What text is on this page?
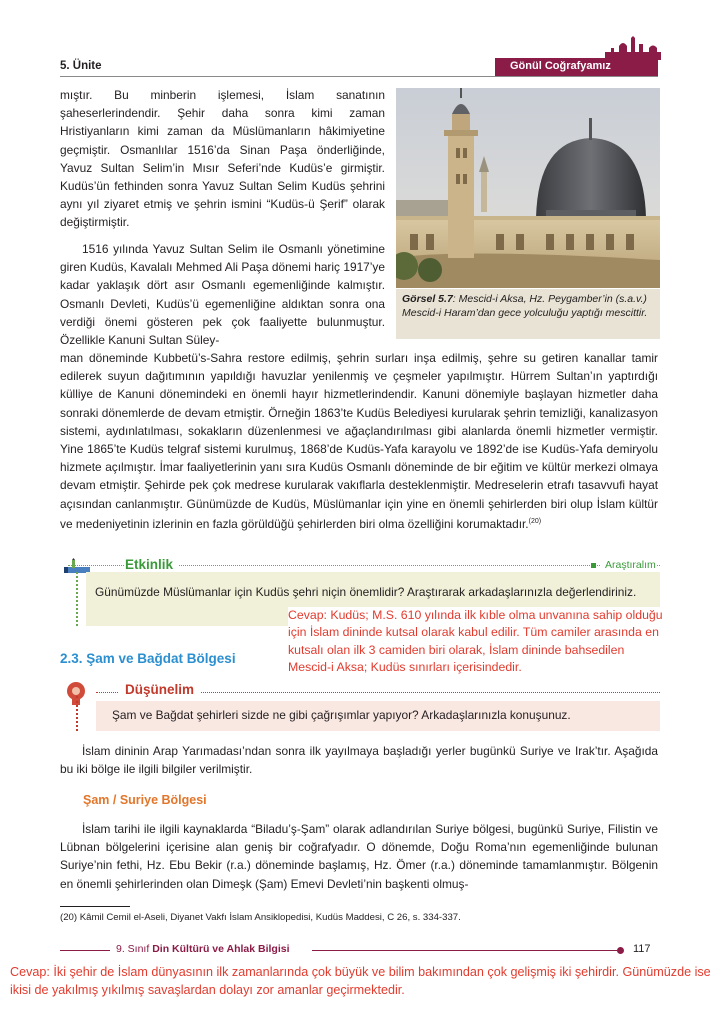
5. Ünite	Gönül Coğrafyamız
mıştır. Bu minberin işlemesi, İslam sanatının şaheserlerindendir. Şehir daha sonra kimi zaman Hristiyanların kimi zaman da Müslümanların hâkimiyetine geçmiştir. Osmanlılar 1516’da Sinan Paşa önderliğinde, Yavuz Sultan Selim’in Mısır Seferi’nde Kudüs’e girmiştir. Kudüs’ün fethinden sonra Yavuz Sultan Selim Kudüs şehrini aynı yıl ziyaret etmiş ve şehrin ismini “Kudüs-ü Şerif” olarak değiştirmiştir.
1516 yılında Yavuz Sultan Selim ile Osmanlı yönetimine giren Kudüs, Kavalalı Mehmed Ali Paşa dönemi hariç 1917’ye kadar yaklaşık dört asır Osmanlı egemenliğinde kalmıştır. Osmanlı Devleti, Kudüs’ü egemenliğine aldıktan sonra ona verdiği önemi gösteren pek çok faaliyette bulunmuştur. Özellikle Kanuni Sultan Süley-
Görsel 5.7: Mescid-i Aksa, Hz. Peygamber’in (s.a.v.) Mescid-i Haram’dan gece yolculuğu yaptığı mescittir.
man döneminde Kubbetü’s-Sahra restore edilmiş, şehrin surları inşa edilmiş, şehre su getiren kanallar tamir edilerek suyun dağıtımının yapıldığı havuzlar yenilenmiş ve çeşmeler yapılmıştır. Hürrem Sultan’ın yaptırdığı külliye de Kanuni dönemindeki en önemli hayır hizmetlerindendir. Kanuni dönemiyle başlayan hizmetler daha sonraki dönemlerde de devam etmiştir. Örneğin 1863’te Kudüs Belediyesi kurularak şehrin temizliği, kanalizasyon sistemi, aydınlatılması, sokakların düzenlenmesi ve ağaçlandırılması gibi alanlarda önemli hizmetler vermiştir. Yine 1865’te Kudüs telgraf sistemi kurulmuş, 1868’de Kudüs-Yafa karayolu ve 1892’de ise Kudüs-Yafa demiryolu hizmete açılmıştır. İmar faaliyetlerinin yanı sıra Kudüs Osmanlı döneminde de bir eğitim ve kültür merkezi olmaya devam etmiştir. Şehirde pek çok medrese kurularak vakıflarla desteklenmiştir. Medreselerin etrafı tasavvufi hayat açısından canlanmıştır. Günümüzde de Kudüs, Müslümanlar için yine en önemli şehirlerden biri olup İslam kültür ve medeniyetinin izlerinin en fazla görüldüğü şehirlerden biri olma özelliğini korumaktadır.$^{(20)}$
Etkinlik	Araştıralım
Günümüzde Müslümanlar için Kudüs şehri niçin önemlidir? Araştırarak arkadaşlarınızla değerlendiriniz.
Cevap: Kudüs; M.S. 610 yılında ilk kıble olma unvanına sahip olduğu için İslam dininde kutsal olarak kabul edilir. Tüm camiler arasında en kutsalı olan ilk 3 camiden biri olarak, İslam dininde bahsedilen Mescid-i Aksa; Kudüs sınırları içerisindedir.
2.3. Şam ve Bağdat Bölgesi
Düşünelim
Şam ve Bağdat şehirleri sizde ne gibi çağrışımlar yapıyor? Arkadaşlarınızla konuşunuz.
İslam dininin Arap Yarımadası’ndan sonra ilk yayılmaya başladığı yerler bugünkü Suriye ve Irak’tır. Aşağıda bu iki bölge ile ilgili bilgiler verilmiştir.
Şam / Suriye Bölgesi
İslam tarihi ile ilgili kaynaklarda “Biladu’ş-Şam” olarak adlandırılan Suriye bölgesi, bugünkü Suriye, Filistin ve Lübnan bölgelerini içerisine alan geniş bir coğrafyadır. O dönemde, Doğu Roma’nın egemenliğinde bulunan Suriye’nin fethi, Hz. Ebu Bekir (r.a.) döneminde başlamış, Hz. Ömer (r.a.) döneminde tamamlanmıştır. Bölgenin en önemli şehirlerinden olan Dimeşk (Şam) Emevi Devleti’nin başkenti olmuş-
(20) Kâmil Cemil el-Aseli, Diyanet Vakfı İslam Ansiklopedisi, Kudüs Maddesi, C 26, s. 334-337.
9. Sınıf Din Kültürü ve Ahlak Bilgisi	117
Cevap: İki şehir de İslam dünyasının ilk zamanlarında çok büyük ve bilim bakımından çok gelişmiş iki şehirdir. Günümüzde ise ikisi de yakılmış yıkılmış savaşlardan dolayı zor amanlar geçirmektedir.
